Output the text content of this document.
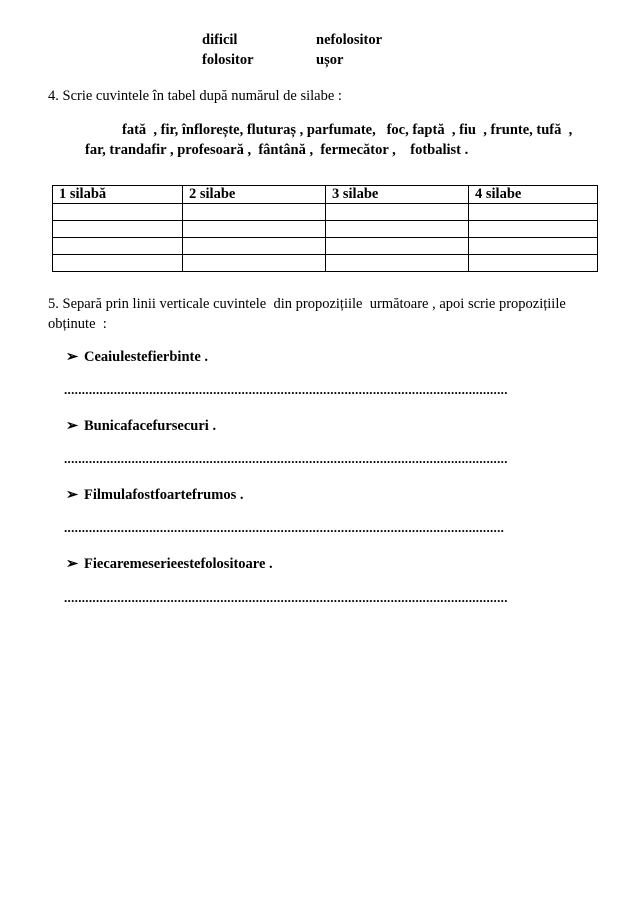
dificil	nefolositor
folositor	ușor
4. Scrie cuvintele în tabel după numărul de silabe :
fată  , fir, înflorește, fluturaș , parfumate,   foc, faptă  , fiu  , frunte, tufă  ,
far, trandafir , profesoară ,  fântână ,  fermecător ,    fotbalist .
1 silabă	2 silabe	3 silabe	4 silabe

5. Separă prin linii verticale cuvintele  din propozițiile  următoare , apoi scrie propozițiile
obținute  :
➢ Ceaiulestefierbinte .
.............................................................................................................................
➢ Bunicafacefursecuri .
.............................................................................................................................
➢ Filmulafostfoartefrumos .
............................................................................................................................
➢ Fiecaremeserieestefolositoare .
.............................................................................................................................
